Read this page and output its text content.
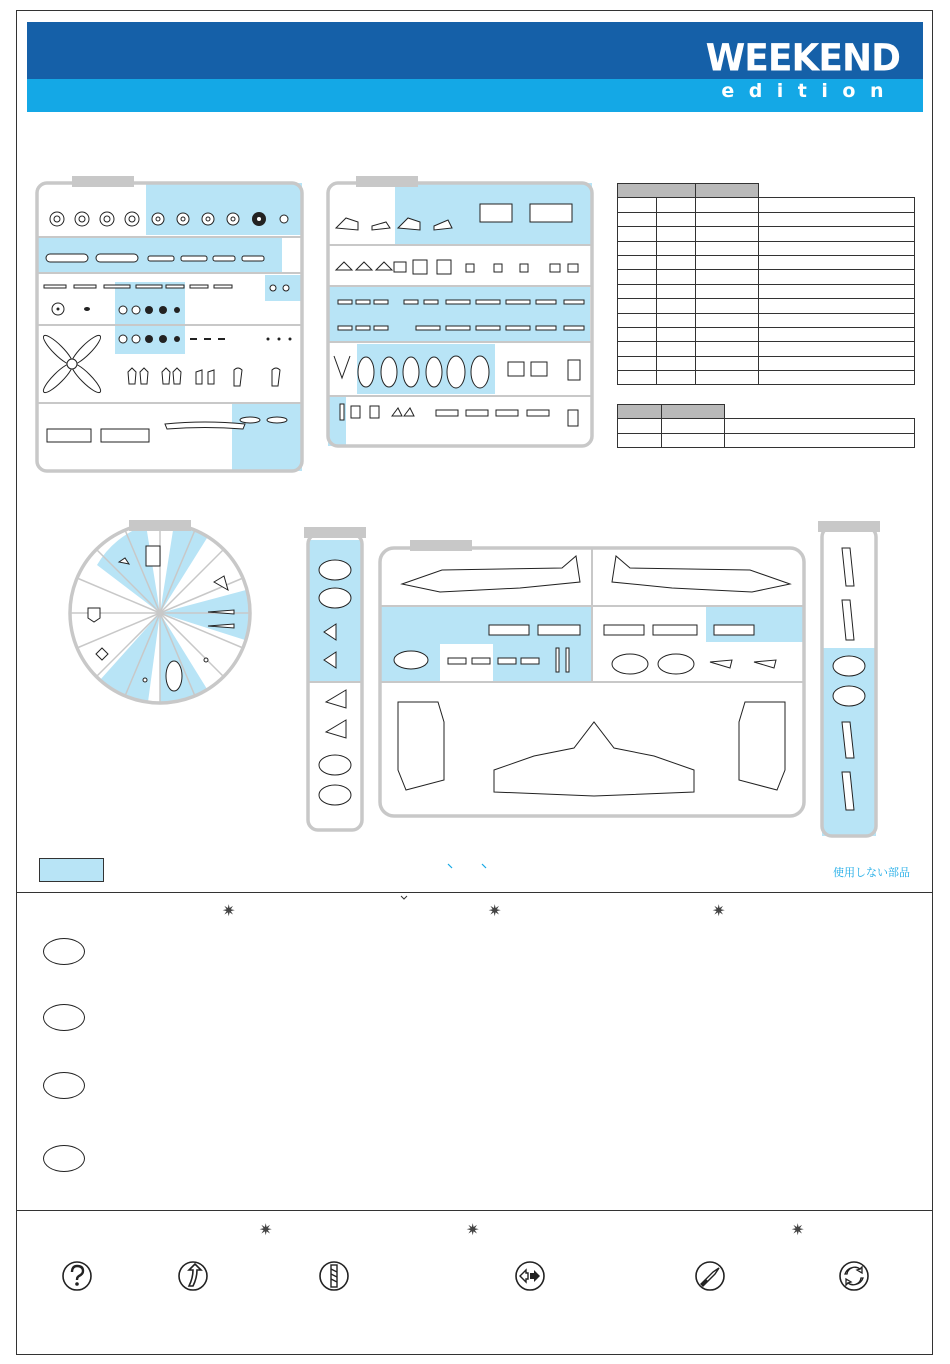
WEEKEND
edition
✷	✷	✷
✷	✷	✷

使用しない部品
